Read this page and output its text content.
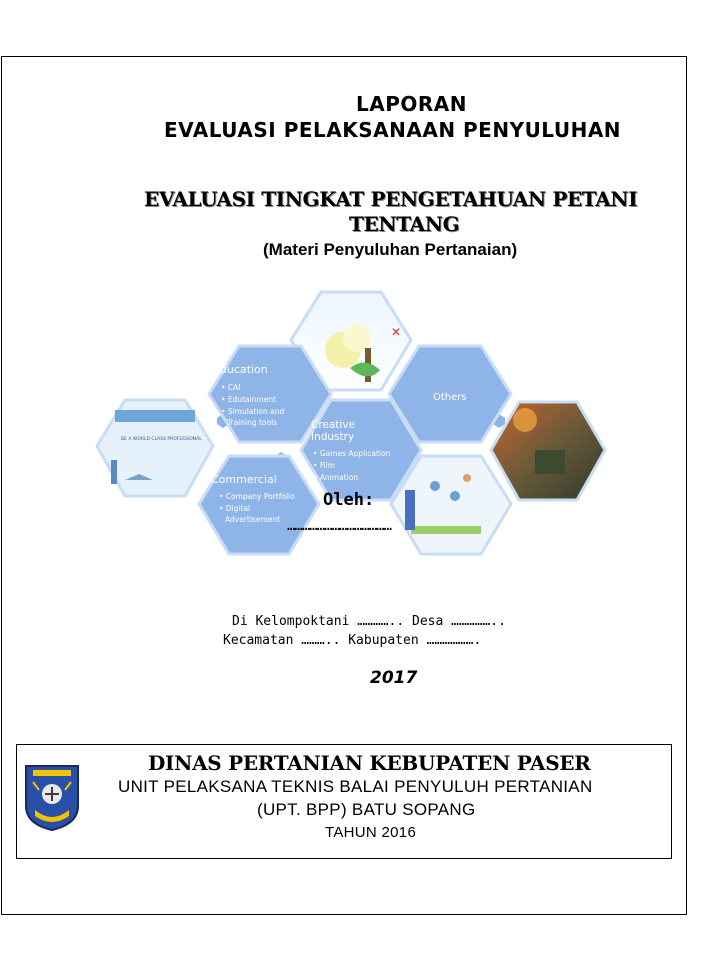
LAPORAN
EVALUASI PELAKSANAAN PENYULUHAN
EVALUASI TINGKAT PENGETAHUAN PETANI
TENTANG
(Materi Penyuluhan Pertanaian)
✕
BE A WORLD CLASS PROFESSIONAL
Education
• CAI
• Edutainment
• Simulation and
Training tools
Others
Creative
Industry
• Games Application
• Film
• Animation
Commercial
• Company Portfolio
• Digital
Advertisement
Oleh:
……………………………………
Di Kelompoktani ………….. Desa ……………..
Kecamatan ……….. Kabupaten ……………….
2017
DINAS PERTANIAN KEBUPATEN PASER
UNIT PELAKSANA TEKNIS BALAI PENYULUH PERTANIAN
(UPT. BPP) BATU SOPANG
TAHUN 2016
